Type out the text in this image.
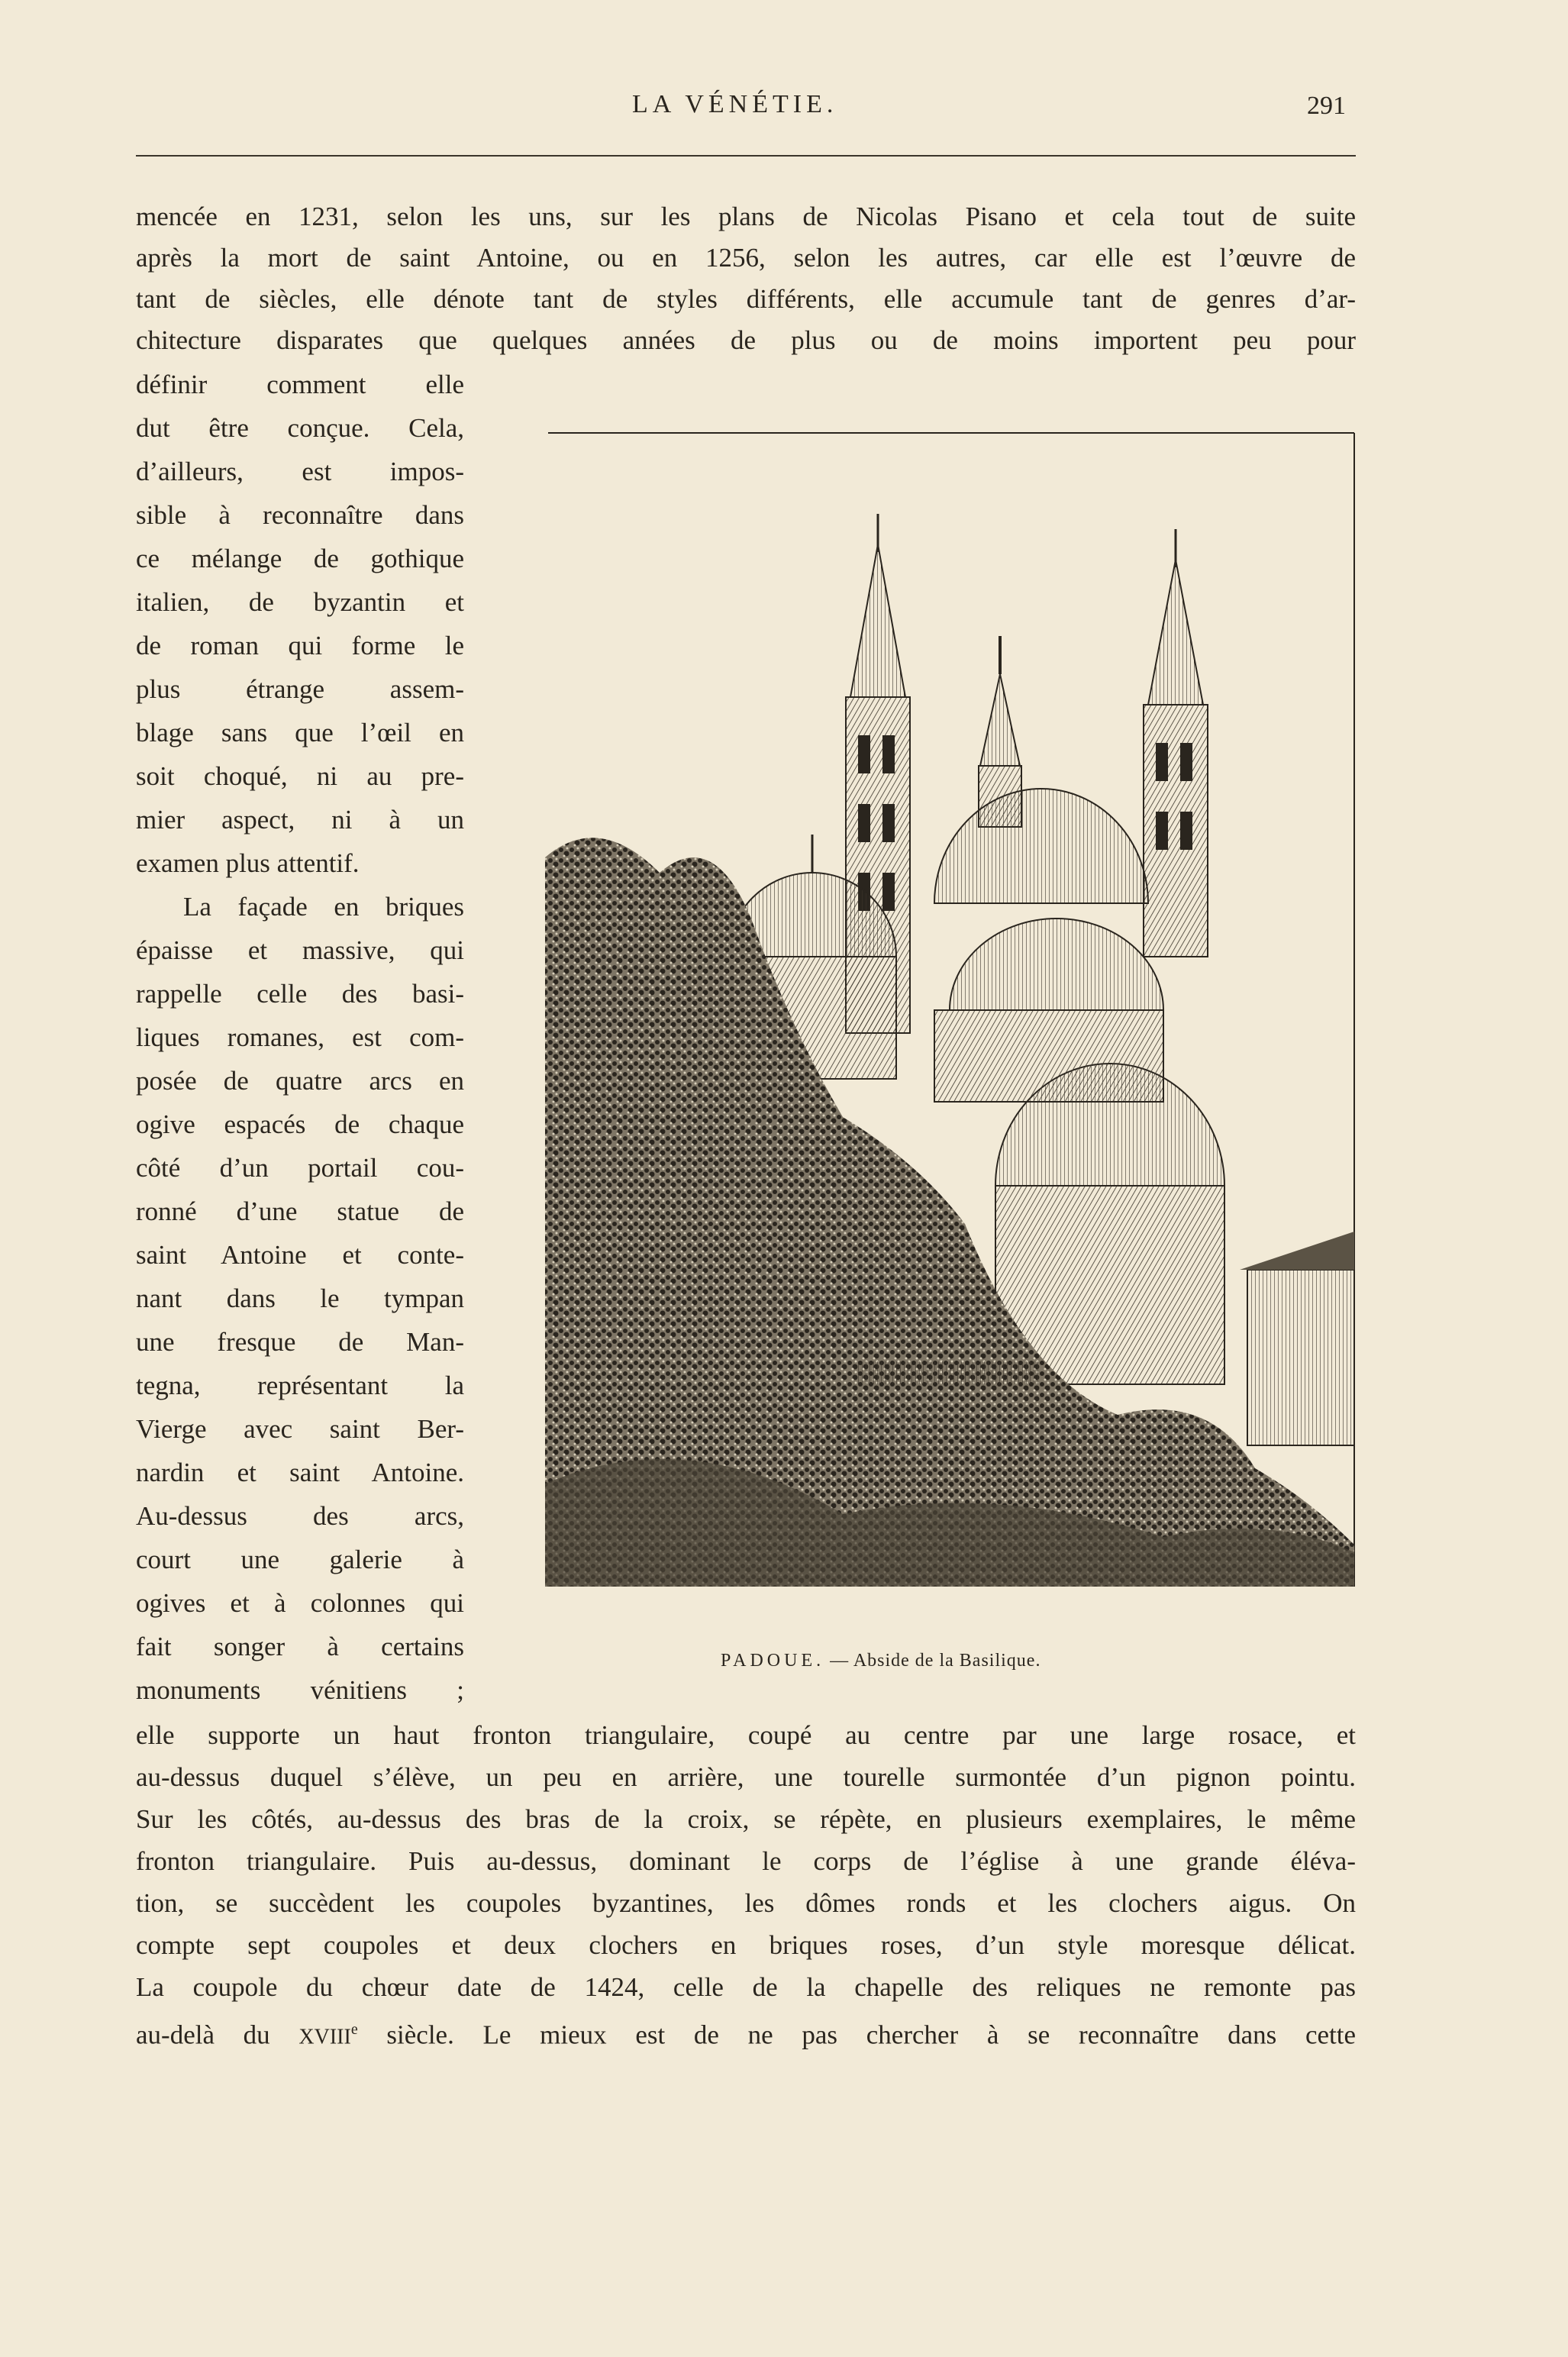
LA VÉNÉTIE.	291
mencée en 1231, selon les uns, sur les plans de Nicolas Pisano et cela tout de suite
après la mort de saint Antoine, ou en 1256, selon les autres, car elle est l’œuvre de
tant de siècles, elle dénote tant de styles différents, elle accumule tant de genres d’ar-
chitecture disparates que quelques années de plus ou de moins importent peu pour
définir comment elle
dut être conçue. Cela,
d’ailleurs, est impos-
sible à reconnaître dans
ce mélange de gothique
italien, de byzantin et
de roman qui forme le
plus étrange assem-
blage sans que l’œil en
soit choqué, ni au pre-
mier aspect, ni à un
examen plus attentif.
La façade en briques
épaisse et massive, qui
rappelle celle des basi-
liques romanes, est com-
posée de quatre arcs en
ogive espacés de chaque
côté d’un portail cou-
ronné d’une statue de
saint Antoine et conte-
nant dans le tympan
une fresque de Man-
tegna, représentant la
Vierge avec saint Ber-
nardin et saint Antoine.
Au-dessus des arcs,
court une galerie à
ogives et à colonnes qui
fait songer à certains
monuments vénitiens ;
PADOUE. — Abside de la Basilique.
elle supporte un haut fronton triangulaire, coupé au centre par une large rosace, et
au-dessus duquel s’élève, un peu en arrière, une tourelle surmontée d’un pignon pointu.
Sur les côtés, au-dessus des bras de la croix, se répète, en plusieurs exemplaires, le même
fronton triangulaire. Puis au-dessus, dominant le corps de l’église à une grande éléva-
tion, se succèdent les coupoles byzantines, les dômes ronds et les clochers aigus. On
compte sept coupoles et deux clochers en briques roses, d’un style moresque délicat.
La coupole du chœur date de 1424, celle de la chapelle des reliques ne remonte pas
au-delà du XVIIIe siècle. Le mieux est de ne pas chercher à se reconnaître dans cette
